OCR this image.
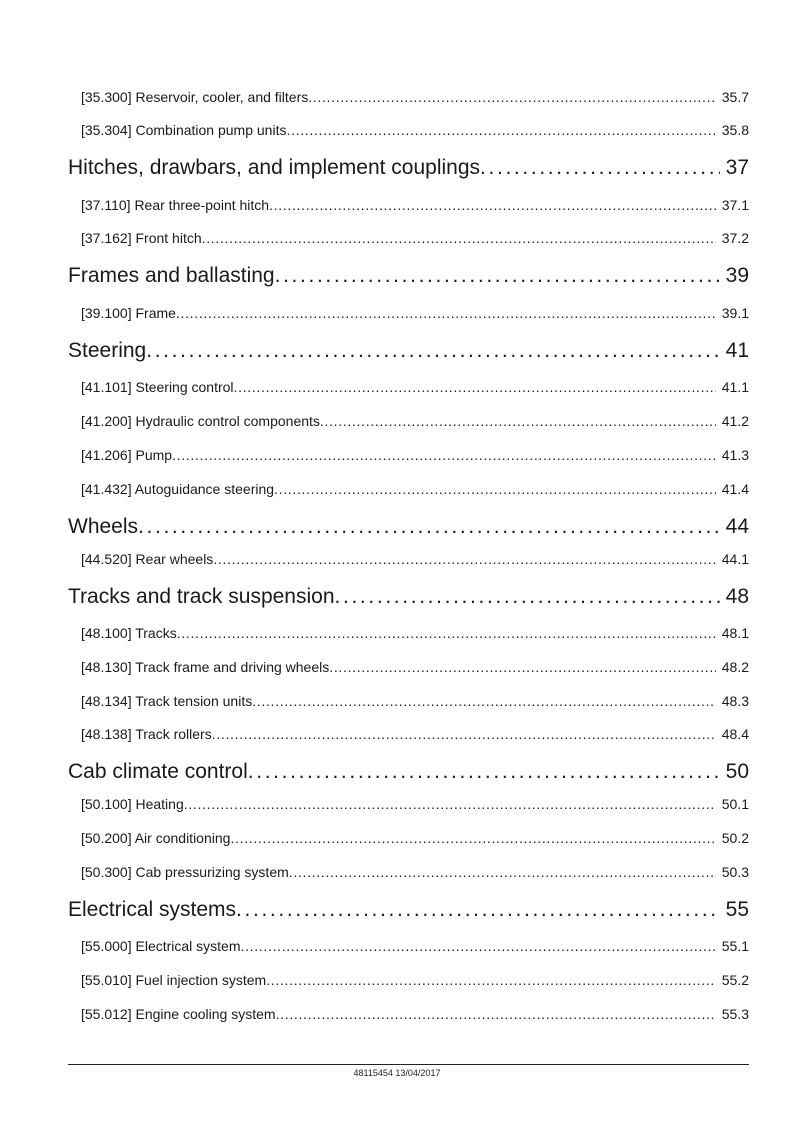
[35.300] Reservoir, cooler, and filters . . .	35.7
[35.304] Combination pump units . . .	35.8
Hitches, drawbars, and implement couplings . . .	37
[37.110] Rear three-point hitch . . .	37.1
[37.162] Front hitch . . .	37.2
Frames and ballasting . . .	39
[39.100] Frame . . .	39.1
Steering . . .	41
[41.101] Steering control . . .	41.1
[41.200] Hydraulic control components . . .	41.2
[41.206] Pump . . .	41.3
[41.432] Autoguidance steering . . .	41.4
Wheels . . .	44
[44.520] Rear wheels . . .	44.1
Tracks and track suspension . . .	48
[48.100] Tracks . . .	48.1
[48.130] Track frame and driving wheels . . .	48.2
[48.134] Track tension units . . .	48.3
[48.138] Track rollers . . .	48.4
Cab climate control . . .	50
[50.100] Heating . . .	50.1
[50.200] Air conditioning . . .	50.2
[50.300] Cab pressurizing system . . .	50.3
Electrical systems . . .	55
[55.000] Electrical system . . .	55.1
[55.010] Fuel injection system . . .	55.2
[55.012] Engine cooling system . . .	55.3
48115454 13/04/2017
